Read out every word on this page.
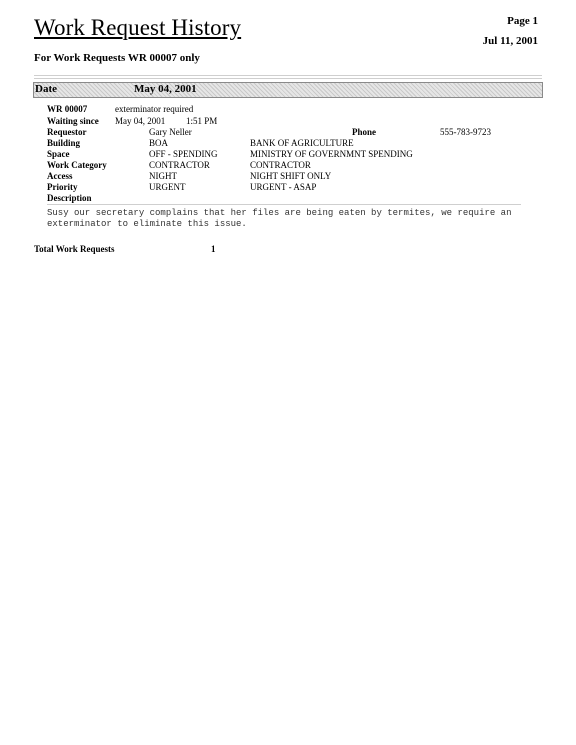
Work Request History	Page 1
Jul 11, 2001
For Work Requests WR 00007 only
Date	May 04, 2001
WR 00007	exterminator required
Waiting since May 04, 2001 1:51 PM
Requestor	Gary Neller	Phone	555-783-9723
Building	BOA	BANK OF AGRICULTURE
Space	OFF - SPENDING	MINISTRY OF GOVERNMNT SPENDING
Work Category	CONTRACTOR	CONTRACTOR
Access	NIGHT	NIGHT SHIFT ONLY
Priority	URGENT	URGENT - ASAP
Description
Susy our secretary complains that her files are being eaten by termites, we require an exterminator to eliminate this issue.
Total Work Requests	1
